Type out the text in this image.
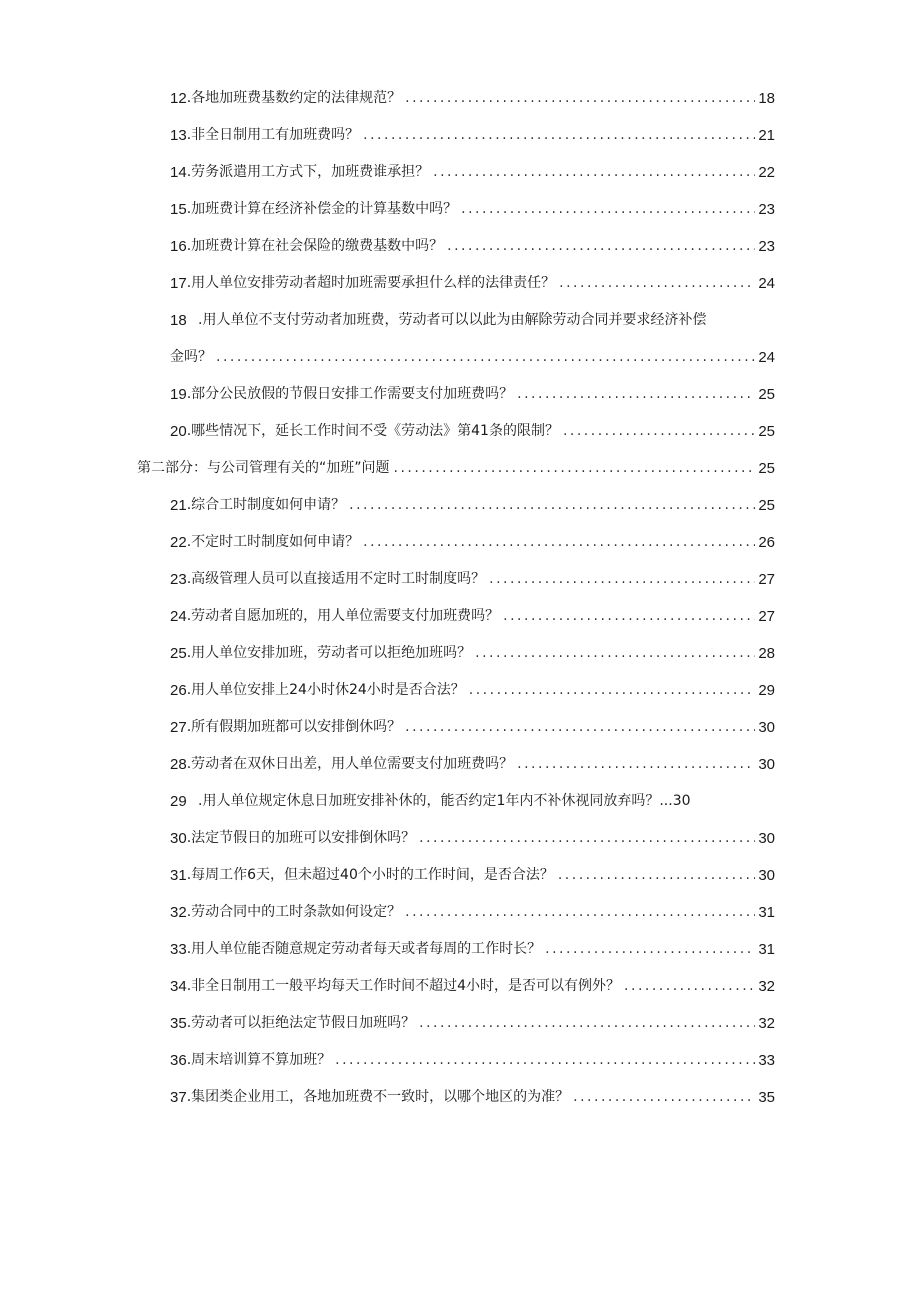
12 .各地加班费基数约定的法律规范？ .....	18
13 .非全日制用工有加班费吗？ .....	21
14 .劳务派遣用工方式下，加班费谁承担？ .....	22
15 .加班费计算在经济补偿金的计算基数中吗？ .....	23
16 .加班费计算在社会保险的缴费基数中吗？ .....	23
17 .用人单位安排劳动者超时加班需要承担什么样的法律责任？ .....	24
18 .用人单位不支付劳动者加班费，劳动者可以以此为由解除劳动合同并要求经济补偿
金吗？ .....	24
19 .部分公民放假的节假日安排工作需要支付加班费吗？ .....	25
20 .哪些情况下，延长工作时间不受《劳动法》第41条的限制？ .....	25
第二部分：与公司管理有关的“加班”问题 .....	25
21 .综合工时制度如何申请？ .....	25
22 .不定时工时制度如何申请？ .....	26
23 .高级管理人员可以直接适用不定时工时制度吗？ .....	27
24 .劳动者自愿加班的，用人单位需要支付加班费吗？ .....	27
25 .用人单位安排加班，劳动者可以拒绝加班吗？ .....	28
26 .用人单位安排上24小时休24小时是否合法？ .....	29
27 .所有假期加班都可以安排倒休吗？ .....	30
28 .劳动者在双休日出差，用人单位需要支付加班费吗？ .....	30
29 .用人单位规定休息日加班安排补休的，能否约定1年内不补休视同放弃吗？...30
30 .法定节假日的加班可以安排倒休吗？ .....	30
31 .每周工作6天，但未超过40个小时的工作时间，是否合法？ .....	30
32 .劳动合同中的工时条款如何设定？ .....	31
33 .用人单位能否随意规定劳动者每天或者每周的工作时长？ .....	31
34 .非全日制用工一般平均每天工作时间不超过4小时，是否可以有例外？ .....	32
35 .劳动者可以拒绝法定节假日加班吗？ .....	32
36 .周末培训算不算加班？ .....	33
37 .集团类企业用工，各地加班费不一致时，以哪个地区的为准？ .....	35
